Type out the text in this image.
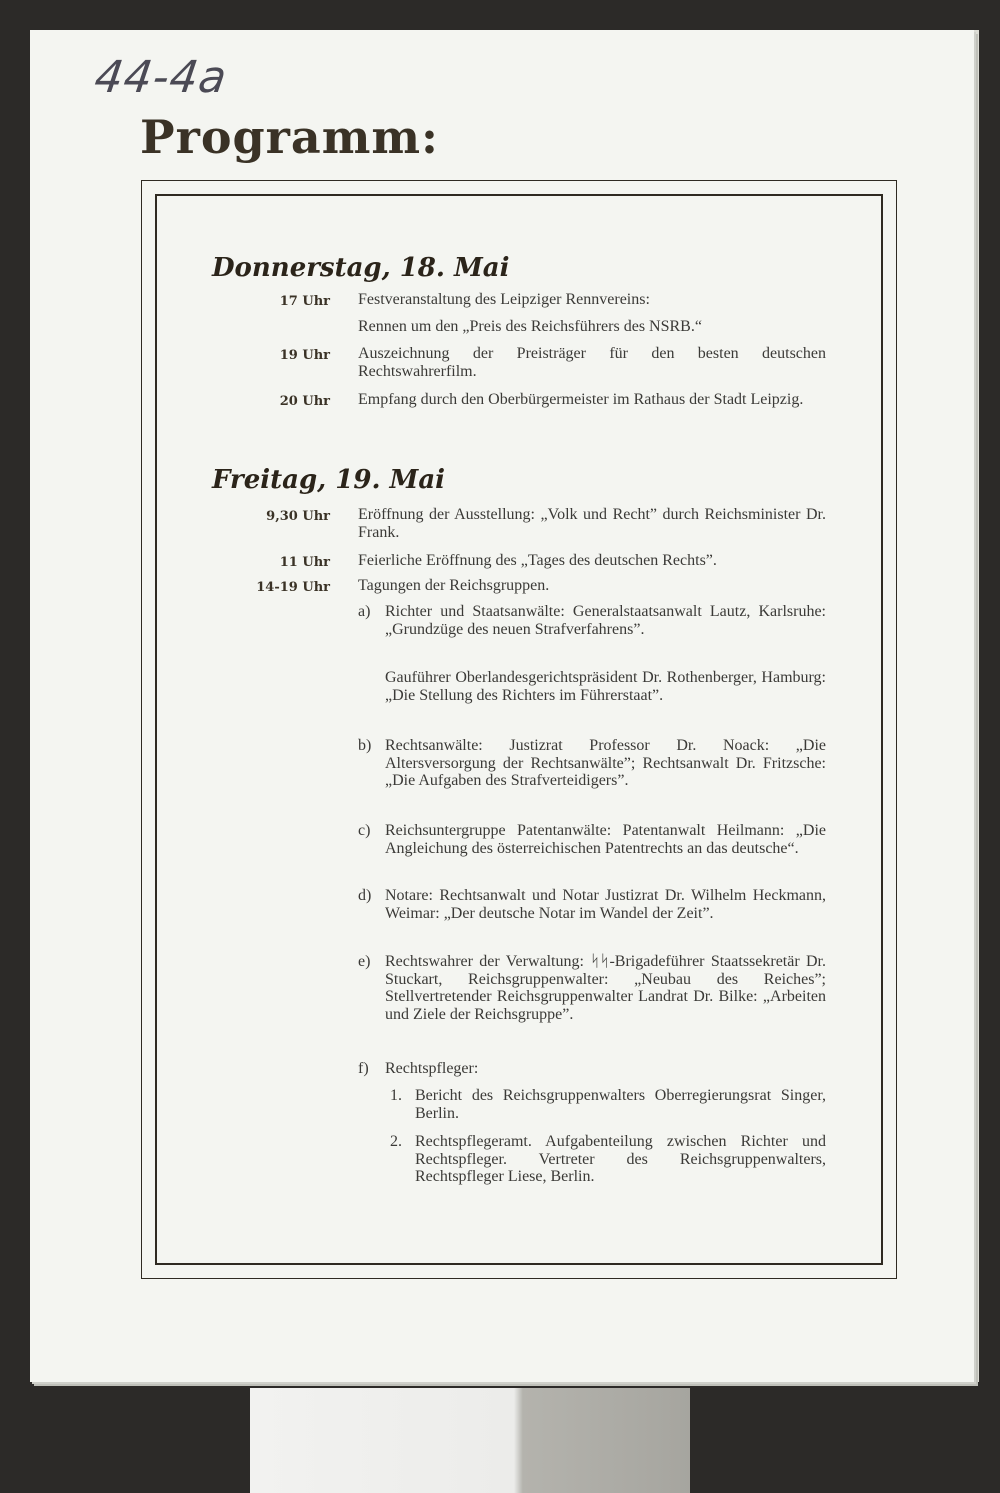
44-4a
Programm:
Donnerstag, 18. Mai
17 Uhr Festveranstaltung des Leipziger Rennvereins:
Rennen um den „Preis des Reichsführers des NSRB.“
19 Uhr Auszeichnung der Preisträger für den besten deutschen Rechtswahrerfilm.
20 Uhr Empfang durch den Oberbürgermeister im Rathaus der Stadt Leipzig.
Freitag, 19. Mai
9,30 Uhr Eröffnung der Ausstellung: „Volk und Recht” durch Reichsminister Dr. Frank.
11 Uhr Feierliche Eröffnung des „Tages des deutschen Rechts”.
14-19 Uhr Tagungen der Reichsgruppen.
a) Richter und Staatsanwälte: Generalstaatsanwalt Lautz, Karlsruhe: „Grundzüge des neuen Strafverfahrens”.
Gauführer Oberlandesgerichtspräsident Dr. Rothenberger, Hamburg: „Die Stellung des Richters im Führerstaat”.
b) Rechtsanwälte: Justizrat Professor Dr. Noack: „Die Altersversorgung der Rechtsanwälte”; Rechtsanwalt Dr. Fritzsche: „Die Aufgaben des Strafverteidigers”.
c) Reichsuntergruppe Patentanwälte: Patentanwalt Heilmann: „Die Angleichung des österreichischen Patentrechts an das deutsche“.
d) Notare: Rechtsanwalt und Notar Justizrat Dr. Wilhelm Heckmann, Weimar: „Der deutsche Notar im Wandel der Zeit”.
e) Rechtswahrer der Verwaltung: ᛋᛋ-Brigadeführer Staatssekretär Dr. Stuckart, Reichsgruppenwalter: „Neubau des Reiches”; Stellvertretender Reichsgruppenwalter Landrat Dr. Bilke: „Arbeiten und Ziele der Reichsgruppe”.
f) Rechtspfleger:
1. Bericht des Reichsgruppenwalters Oberregierungsrat Singer, Berlin.
2. Rechtspflegeramt. Aufgabenteilung zwischen Richter und Rechtspfleger. Vertreter des Reichsgruppenwalters, Rechtspfleger Liese, Berlin.
